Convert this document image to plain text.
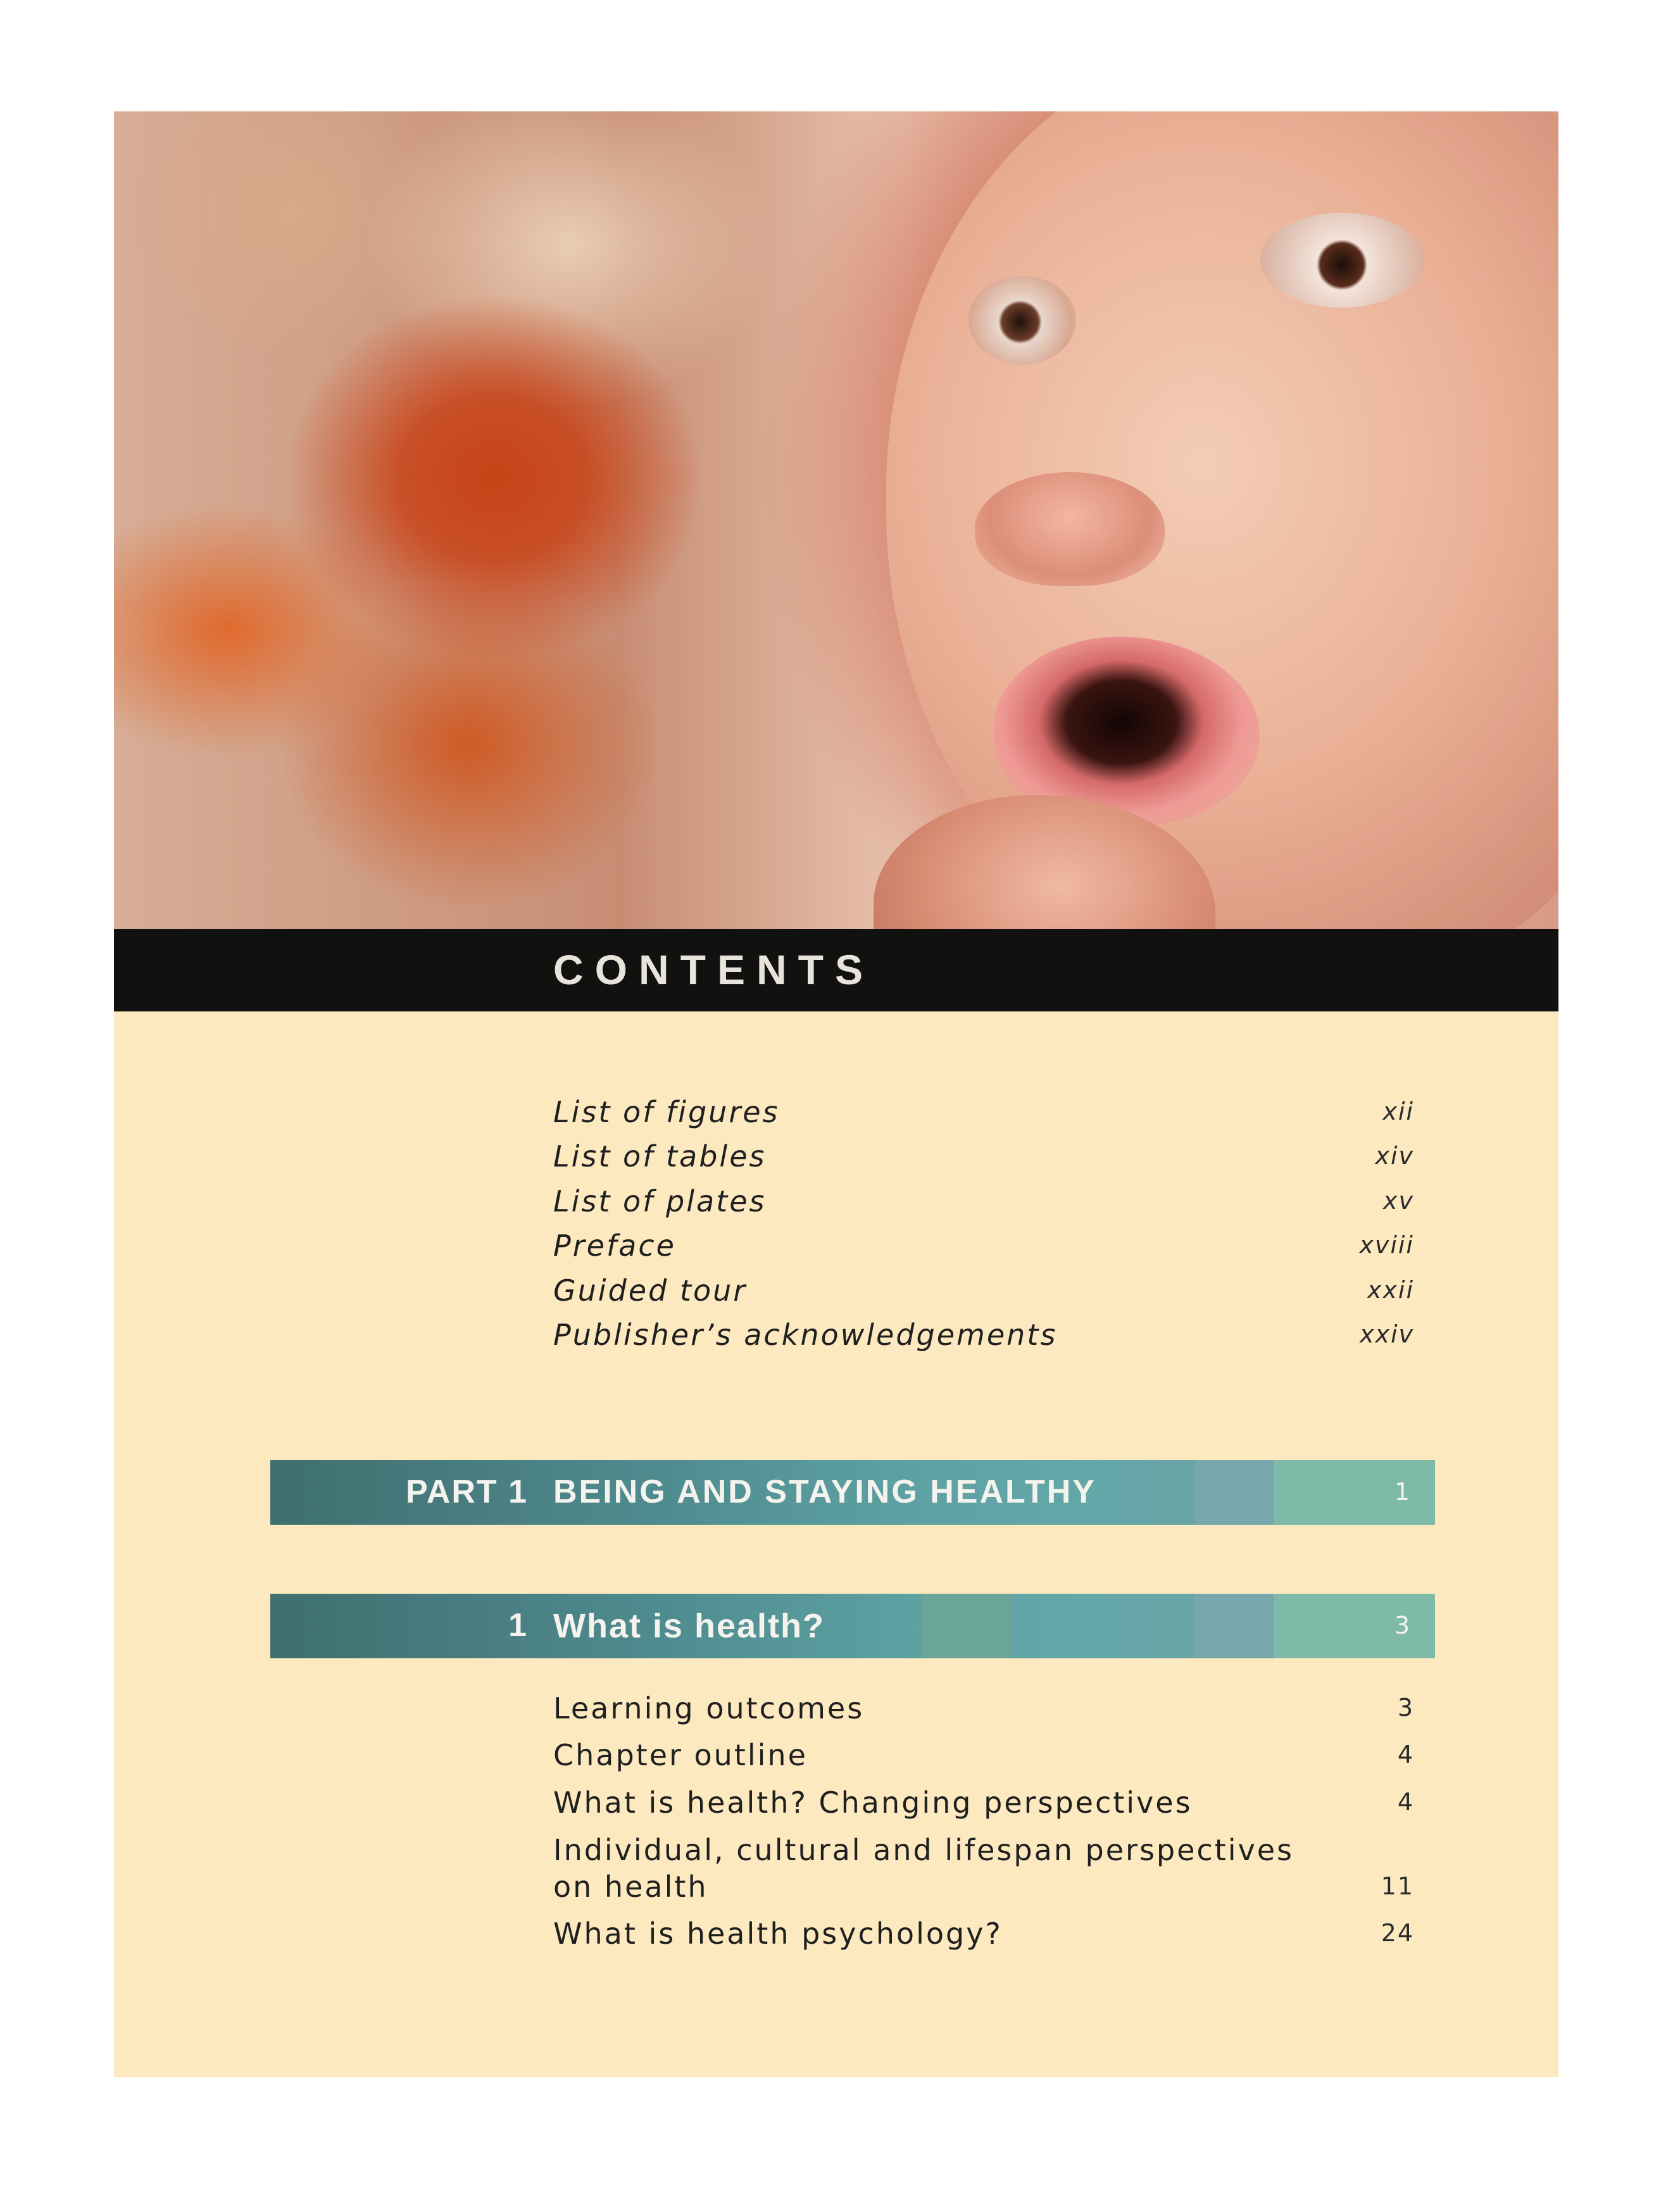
CONTENTS
List of figures	xii
List of tables	xiv
List of plates	xv
Preface	xviii
Guided tour	xxii
Publisher’s acknowledgements	xxiv
PART 1 BEING AND STAYING HEALTHY	1
1 What is health?	3
Learning outcomes	3
Chapter outline	4
What is health? Changing perspectives	4
Individual, cultural and lifespan perspectives
on health	11
What is health psychology?	24
